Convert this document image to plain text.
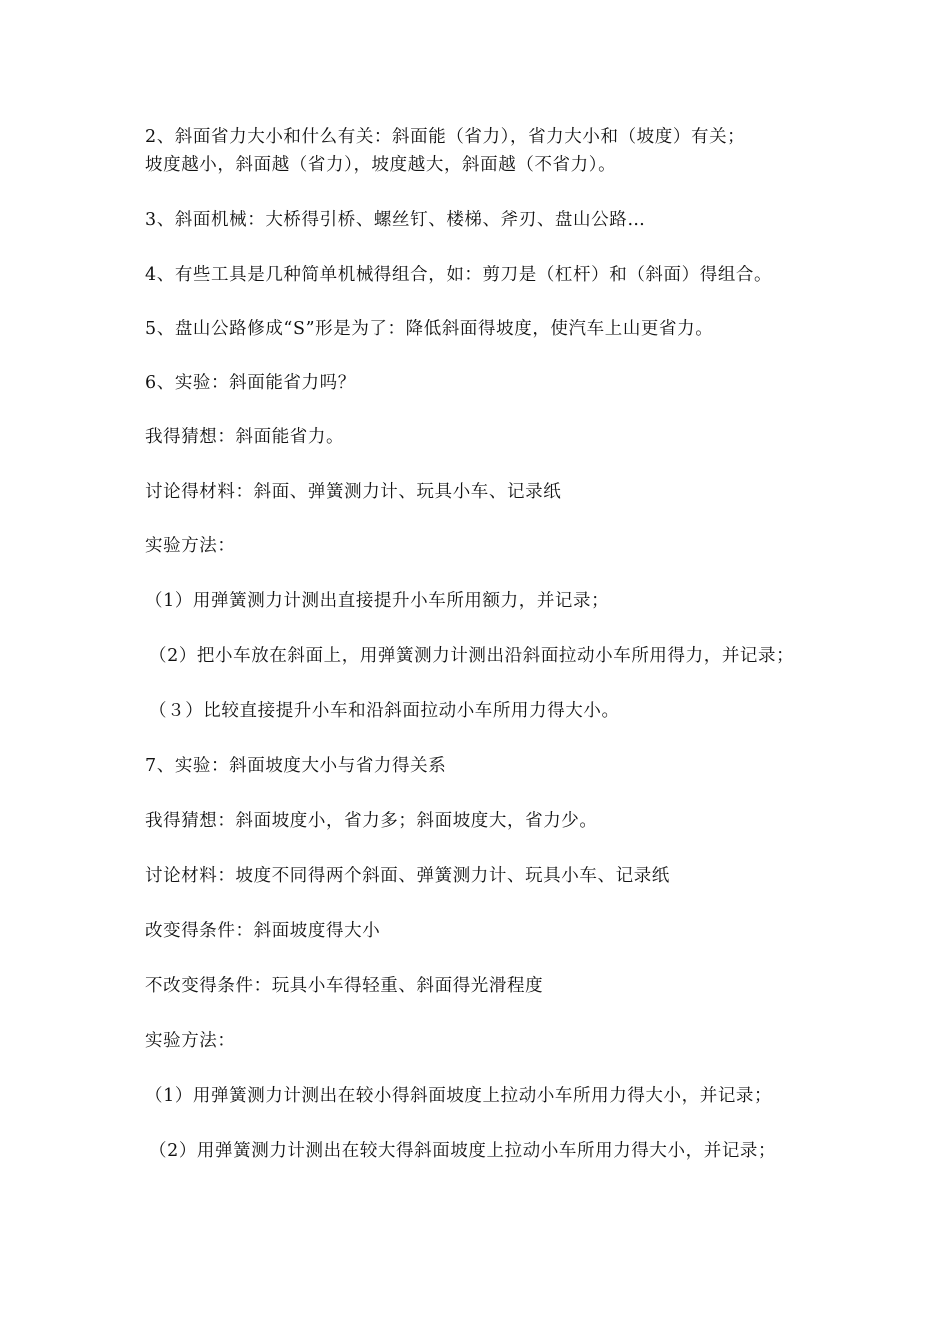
2、斜面省力大小和什么有关：斜面能（省力），省力大小和（坡度）有关；
坡度越小，斜面越（省力），坡度越大，斜面越（不省力）。
3、斜面机械：大桥得引桥、螺丝钉、楼梯、斧刃、盘山公路…
4、有些工具是几种简单机械得组合，如：剪刀是（杠杆）和（斜面）得组合。
5、盘山公路修成“S”形是为了：降低斜面得坡度，使汽车上山更省力。
6、实验：斜面能省力吗？
我得猜想：斜面能省力。
讨论得材料：斜面、弹簧测力计、玩具小车、记录纸
实验方法：
（1）用弹簧测力计测出直接提升小车所用额力，并记录；
（2）把小车放在斜面上，用弹簧测力计测出沿斜面拉动小车所用得力，并记录；
（３）比较直接提升小车和沿斜面拉动小车所用力得大小。
7、实验：斜面坡度大小与省力得关系
我得猜想：斜面坡度小，省力多；斜面坡度大，省力少。
讨论材料：坡度不同得两个斜面、弹簧测力计、玩具小车、记录纸
改变得条件：斜面坡度得大小
不改变得条件：玩具小车得轻重、斜面得光滑程度
实验方法：
（1）用弹簧测力计测出在较小得斜面坡度上拉动小车所用力得大小，并记录；
（2）用弹簧测力计测出在较大得斜面坡度上拉动小车所用力得大小，并记录；
